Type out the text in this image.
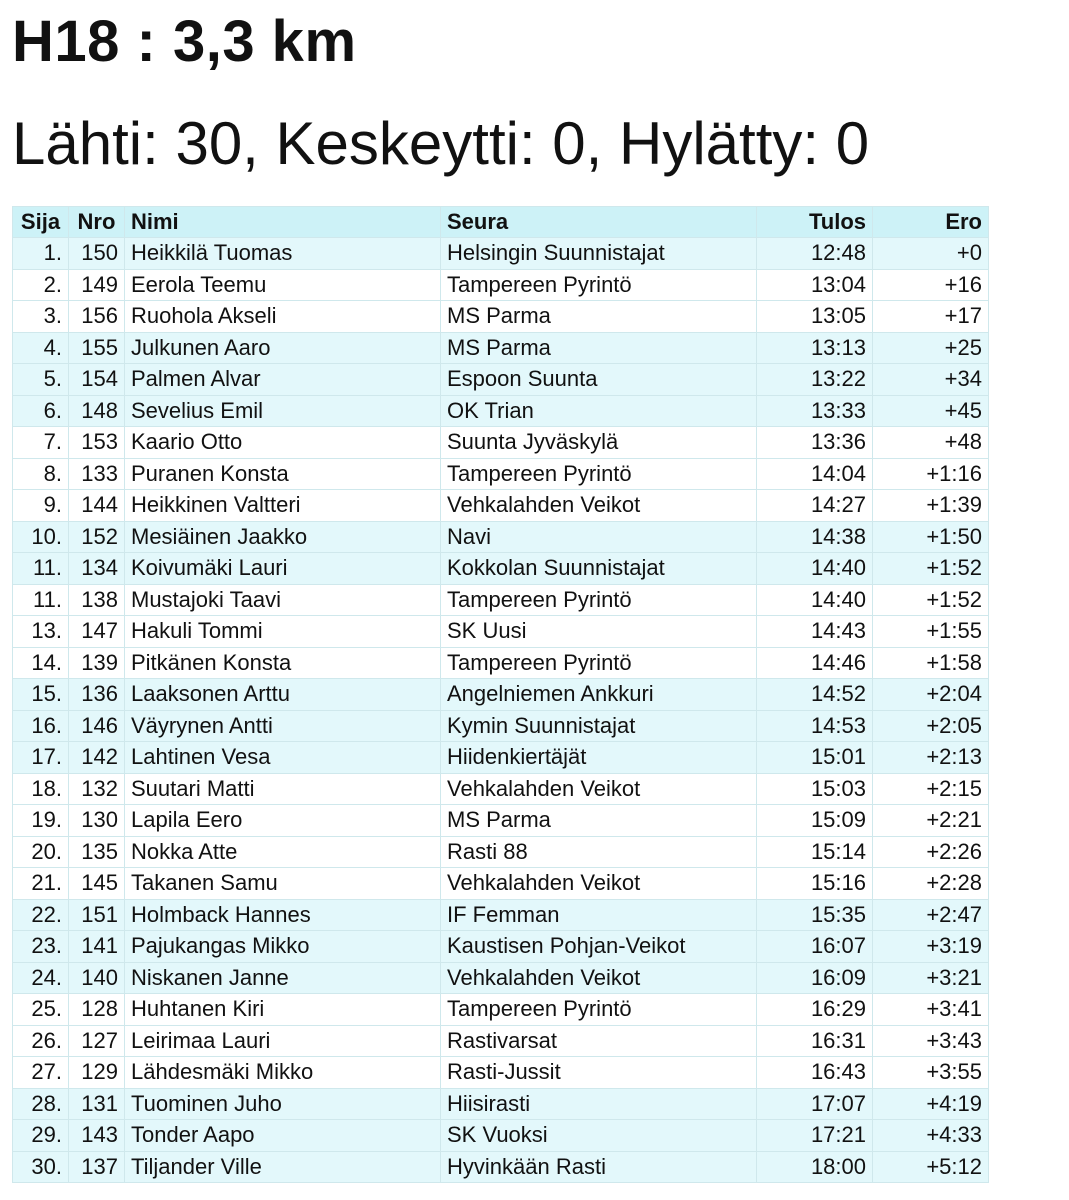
H18 : 3,3 km
Lähti: 30, Keskeytti: 0, Hylätty: 0
Sija	Nro	Nimi	Seura	Tulos	Ero
1.	150	Heikkilä Tuomas	Helsingin Suunnistajat	12:48	+0
2.	149	Eerola Teemu	Tampereen Pyrintö	13:04	+16
3.	156	Ruohola Akseli	MS Parma	13:05	+17
4.	155	Julkunen Aaro	MS Parma	13:13	+25
5.	154	Palmen Alvar	Espoon Suunta	13:22	+34
6.	148	Sevelius Emil	OK Trian	13:33	+45
7.	153	Kaario Otto	Suunta Jyväskylä	13:36	+48
8.	133	Puranen Konsta	Tampereen Pyrintö	14:04	+1:16
9.	144	Heikkinen Valtteri	Vehkalahden Veikot	14:27	+1:39
10.	152	Mesiäinen Jaakko	Navi	14:38	+1:50
11.	134	Koivumäki Lauri	Kokkolan Suunnistajat	14:40	+1:52
11.	138	Mustajoki Taavi	Tampereen Pyrintö	14:40	+1:52
13.	147	Hakuli Tommi	SK Uusi	14:43	+1:55
14.	139	Pitkänen Konsta	Tampereen Pyrintö	14:46	+1:58
15.	136	Laaksonen Arttu	Angelniemen Ankkuri	14:52	+2:04
16.	146	Väyrynen Antti	Kymin Suunnistajat	14:53	+2:05
17.	142	Lahtinen Vesa	Hiidenkiertäjät	15:01	+2:13
18.	132	Suutari Matti	Vehkalahden Veikot	15:03	+2:15
19.	130	Lapila Eero	MS Parma	15:09	+2:21
20.	135	Nokka Atte	Rasti 88	15:14	+2:26
21.	145	Takanen Samu	Vehkalahden Veikot	15:16	+2:28
22.	151	Holmback Hannes	IF Femman	15:35	+2:47
23.	141	Pajukangas Mikko	Kaustisen Pohjan-Veikot	16:07	+3:19
24.	140	Niskanen Janne	Vehkalahden Veikot	16:09	+3:21
25.	128	Huhtanen Kiri	Tampereen Pyrintö	16:29	+3:41
26.	127	Leirimaa Lauri	Rastivarsat	16:31	+3:43
27.	129	Lähdesmäki Mikko	Rasti-Jussit	16:43	+3:55
28.	131	Tuominen Juho	Hiisirasti	17:07	+4:19
29.	143	Tonder Aapo	SK Vuoksi	17:21	+4:33
30.	137	Tiljander Ville	Hyvinkään Rasti	18:00	+5:12
